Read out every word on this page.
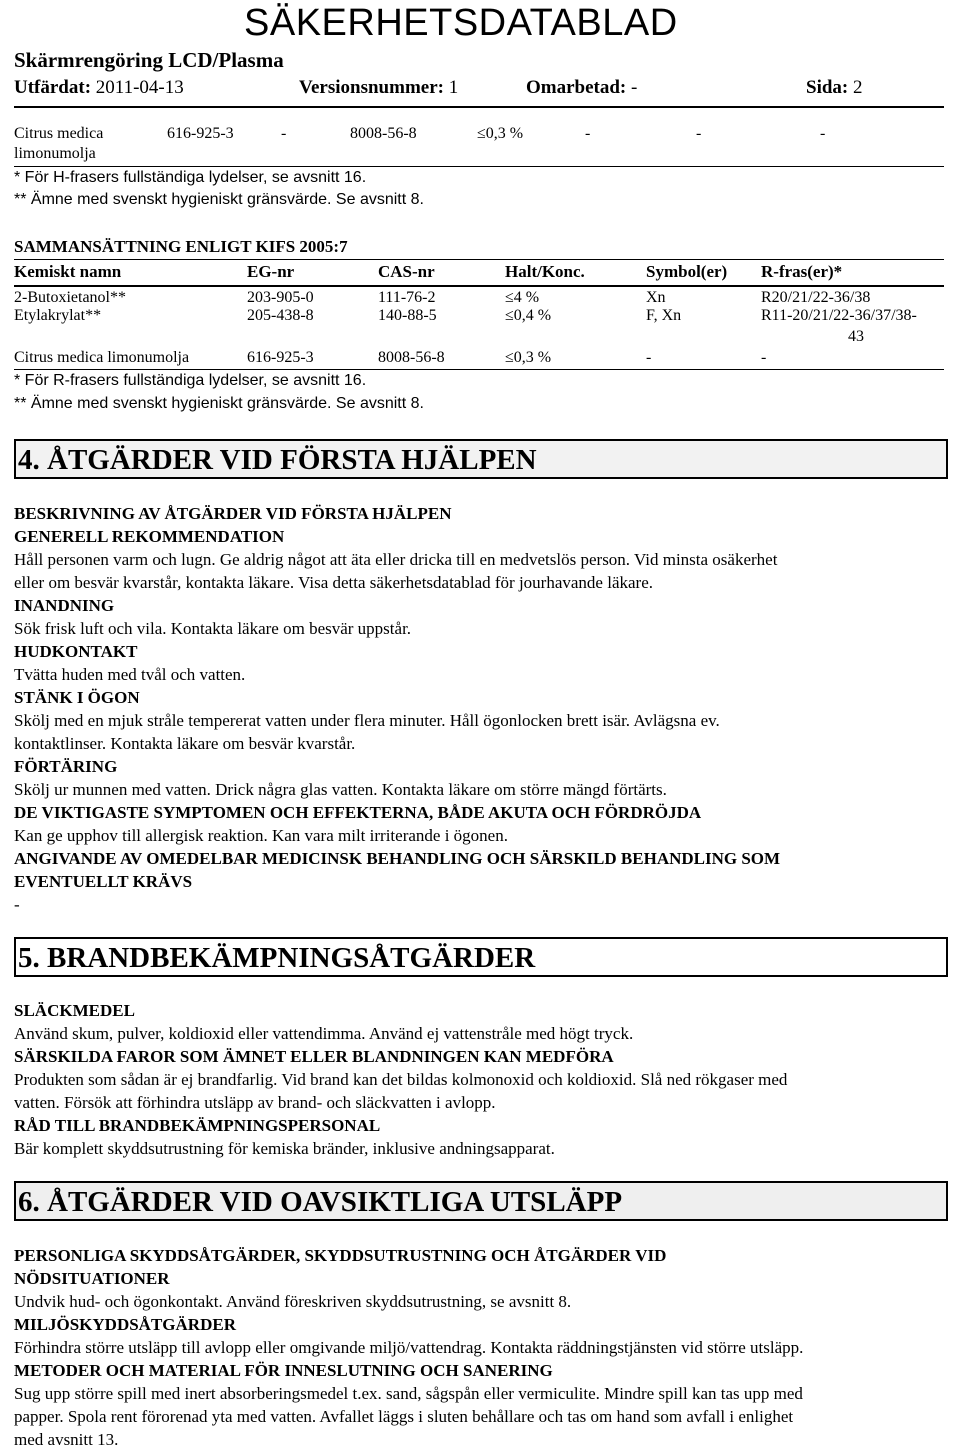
SÄKERHETSDATABLAD
Skärmrengöring LCD/Plasma
Utfärdat: 2011-04-13	Versionsnummer: 1	Omarbetad: -	Sida: 2
Citrus medica
limonumolja
616-925-3	-	8008-56-8	≤0,3 %	-	-	-
* För H-frasers fullständiga lydelser, se avsnitt 16.
** Ämne med svenskt hygieniskt gränsvärde. Se avsnitt 8.
SAMMANSÄTTNING ENLIGT KIFS 2005:7
Kemiskt namn	EG-nr	CAS-nr	Halt/Konc.	Symbol(er) R-fras(er)*
2-Butoxietanol**	203-905-0	111-76-2	≤4 %	Xn	R20/21/22-36/38
Etylakrylat**	205-438-8	140-88-5	≤0,4 %	F, Xn	R11-20/21/22-36/37/38-
43
Citrus medica limonumolja	616-925-3	8008-56-8	≤0,3 %	-	-
* För R-frasers fullständiga lydelser, se avsnitt 16.
** Ämne med svenskt hygieniskt gränsvärde. Se avsnitt 8.
4. ÅTGÄRDER VID FÖRSTA HJÄLPEN

BESKRIVNING AV ÅTGÄRDER VID FÖRSTA HJÄLPEN

GENERELL REKOMMENDATION

Håll personen varm och lugn. Ge aldrig något att äta eller dricka till en medvetslös person. Vid minsta osäkerhet

eller om besvär kvarstår, kontakta läkare. Visa detta säkerhetsdatablad för jourhavande läkare.

INANDNING

Sök frisk luft och vila. Kontakta läkare om besvär uppstår.

HUDKONTAKT

Tvätta huden med tvål och vatten.

STÄNK I ÖGON

Skölj med en mjuk stråle tempererat vatten under flera minuter. Håll ögonlocken brett isär. Avlägsna ev.

kontaktlinser. Kontakta läkare om besvär kvarstår.

FÖRTÄRING

Skölj ur munnen med vatten. Drick några glas vatten. Kontakta läkare om större mängd förtärts.

DE VIKTIGASTE SYMPTOMEN OCH EFFEKTERNA, BÅDE AKUTA OCH FÖRDRÖJDA

Kan ge upphov till allergisk reaktion. Kan vara milt irriterande i ögonen.

ANGIVANDE AV OMEDELBAR MEDICINSK BEHANDLING OCH SÄRSKILD BEHANDLING SOM

EVENTUELLT KRÄVS

-

5. BRANDBEKÄMPNINGSÅTGÄRDER

SLÄCKMEDEL

Använd skum, pulver, koldioxid eller vattendimma. Använd ej vattenstråle med högt tryck.

SÄRSKILDA FAROR SOM ÄMNET ELLER BLANDNINGEN KAN MEDFÖRA

Produkten som sådan är ej brandfarlig. Vid brand kan det bildas kolmonoxid och koldioxid. Slå ned rökgaser med

vatten. Försök att förhindra utsläpp av brand- och släckvatten i avlopp.

RÅD TILL BRANDBEKÄMPNINGSPERSONAL

Bär komplett skyddsutrustning för kemiska bränder, inklusive andningsapparat.

6. ÅTGÄRDER VID OAVSIKTLIGA UTSLÄPP

PERSONLIGA SKYDDSÅTGÄRDER, SKYDDSUTRUSTNING OCH ÅTGÄRDER VID

NÖDSITUATIONER

Undvik hud- och ögonkontakt. Använd föreskriven skyddsutrustning, se avsnitt 8.

MILJÖSKYDDSÅTGÄRDER

Förhindra större utsläpp till avlopp eller omgivande miljö/vattendrag. Kontakta räddningstjänsten vid större utsläpp.

METODER OCH MATERIAL FÖR INNESLUTNING OCH SANERING

Sug upp större spill med inert absorberingsmedel t.ex. sand, sågspån eller vermiculite. Mindre spill kan tas upp med

papper. Spola rent förorenad yta med vatten. Avfallet läggs i sluten behållare och tas om hand som avfall i enlighet

med avsnitt 13.
